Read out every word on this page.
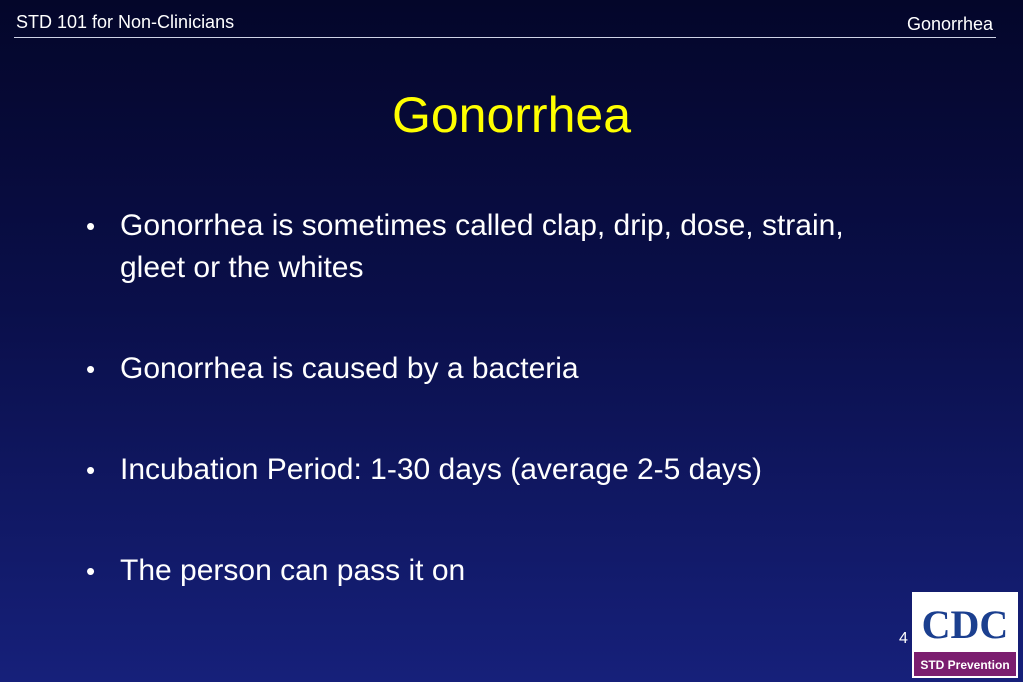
STD 101 for Non-Clinicians	Gonorrhea
Gonorrhea
• Gonorrhea is sometimes called clap, drip, dose, strain, gleet or the whites
• Gonorrhea is caused by a bacteria
• Incubation Period: 1-30 days (average 2-5 days)
• The person can pass it on
4 CDC
STD Prevention
